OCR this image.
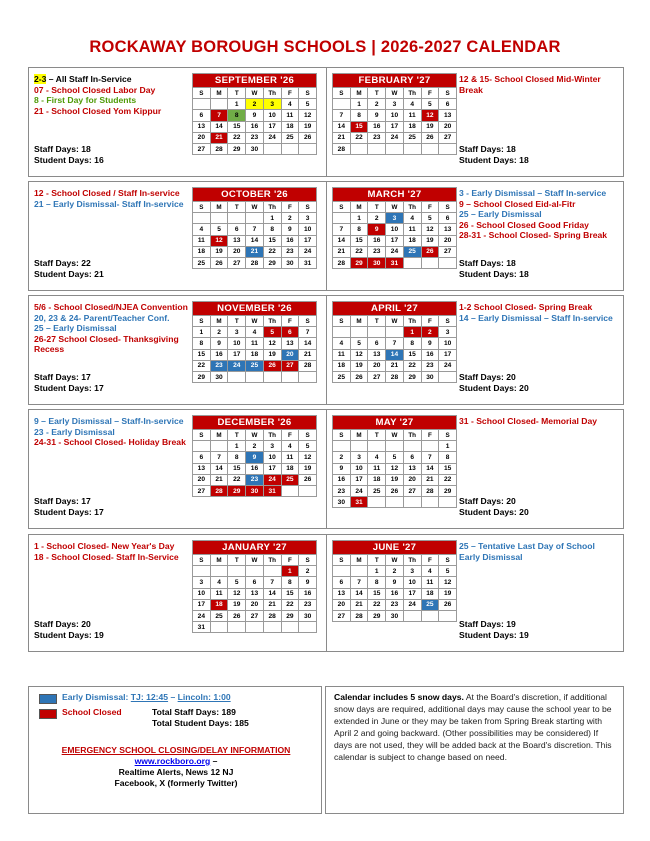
ROCKAWAY BOROUGH SCHOOLS | 2026-2027 CALENDAR
2-3 – All Staff In-Service
07 - School Closed Labor Day
8 - First Day for Students
21 - School Closed Yom Kippur
12 & 15- School Closed Mid-Winter Break
Staff Days: 18
Student Days: 16
Staff Days: 18
Student Days: 18
SEPTEMBER '26						
S	M	T	W	Th	F	S
		1	2	3	4	5
6	7	8	9	10	11	12
13	14	15	16	17	18	19
20	21	22	23	24	25	26
27	28	29	30			
FEBRUARY '27						
S	M	T	W	Th	F	S
	1	2	3	4	5	6
7	8	9	10	11	12	13
14	15	16	17	18	19	20
21	22	23	24	25	26	27
28						
12 - School Closed / Staff In-service
21 – Early Dismissal- Staff In-service
3 - Early Dismissal – Staff In-service
9 – School Closed Eid-al-Fitr
25 – Early Dismissal
26 - School Closed Good Friday
28-31 - School Closed- Spring Break
Staff Days: 22
Student Days: 21
Staff Days: 18
Student Days: 18
OCTOBER '26						
S	M	T	W	Th	F	S
				1	2	3
4	5	6	7	8	9	10
11	12	13	14	15	16	17
18	19	20	21	22	23	24
25	26	27	28	29	30	31
MARCH '27						
S	M	T	W	Th	F	S
	1	2	3	4	5	6
7	8	9	10	11	12	13
14	15	16	17	18	19	20
21	22	23	24	25	26	27
28	29	30	31			
5/6 - School Closed/NJEA Convention
20, 23 & 24- Parent/Teacher Conf.
25 – Early Dismissal
26-27 School Closed- Thanksgiving Recess
1-2 School Closed- Spring Break
14 – Early Dismissal – Staff In-service
Staff Days: 17
Student Days: 17
Staff Days: 20
Student Days: 20
NOVEMBER '26						
S	M	T	W	Th	F	S
1	2	3	4	5	6	7
8	9	10	11	12	13	14
15	16	17	18	19	20	21
22	23	24	25	26	27	28
29	30					
APRIL '27						
S	M	T	W	Th	F	S
				1	2	3
4	5	6	7	8	9	10
11	12	13	14	15	16	17
18	19	20	21	22	23	24
25	26	27	28	29	30	
9 – Early Dismissal – Staff-In-service
23 - Early Dismissal
24-31 - School Closed- Holiday Break
31 - School Closed- Memorial Day
Staff Days: 17
Student Days: 17
Staff Days: 20
Student Days: 20
DECEMBER '26						
S	M	T	W	Th	F	S
		1	2	3	4	5
6	7	8	9	10	11	12
13	14	15	16	17	18	19
20	21	22	23	24	25	26
27	28	29	30	31		
MAY '27						
S	M	T	W	Th	F	S
						1
2	3	4	5	6	7	8
9	10	11	12	13	14	15
16	17	18	19	20	21	22
23	24	25	26	27	28	29
30	31					
1 - School Closed- New Year's Day
18 - School Closed- Staff In-Service
25 – Tentative Last Day of School
Early Dismissal
Staff Days: 20
Student Days: 19
Staff Days: 19
Student Days: 19
JANUARY '27						
S	M	T	W	Th	F	S
					1	2
3	4	5	6	7	8	9
10	11	12	13	14	15	16
17	18	19	20	21	22	23
24	25	26	27	28	29	30
31						
JUNE '27						
S	M	T	W	Th	F	S
		1	2	3	4	5
6	7	8	9	10	11	12
13	14	15	16	17	18	19
20	21	22	23	24	25	26
27	28	29	30			
Early Dismissal: TJ: 12:45 – Lincoln: 1:00
School Closed	Total Staff Days: 189
Total Student Days: 185
EMERGENCY SCHOOL CLOSING/DELAY INFORMATION
www.rockboro.org –
Realtime Alerts, News 12 NJ
Facebook, X (formerly Twitter)
Calendar includes 5 snow days. At the Board's discretion, if additional snow days are required, additional days may cause the school year to be extended in June or they may be taken from Spring Break starting with April 2 and going backward. (Other possibilities may be considered) If days are not used, they will be added back at the Board's discretion. This calendar is subject to change based on need.
